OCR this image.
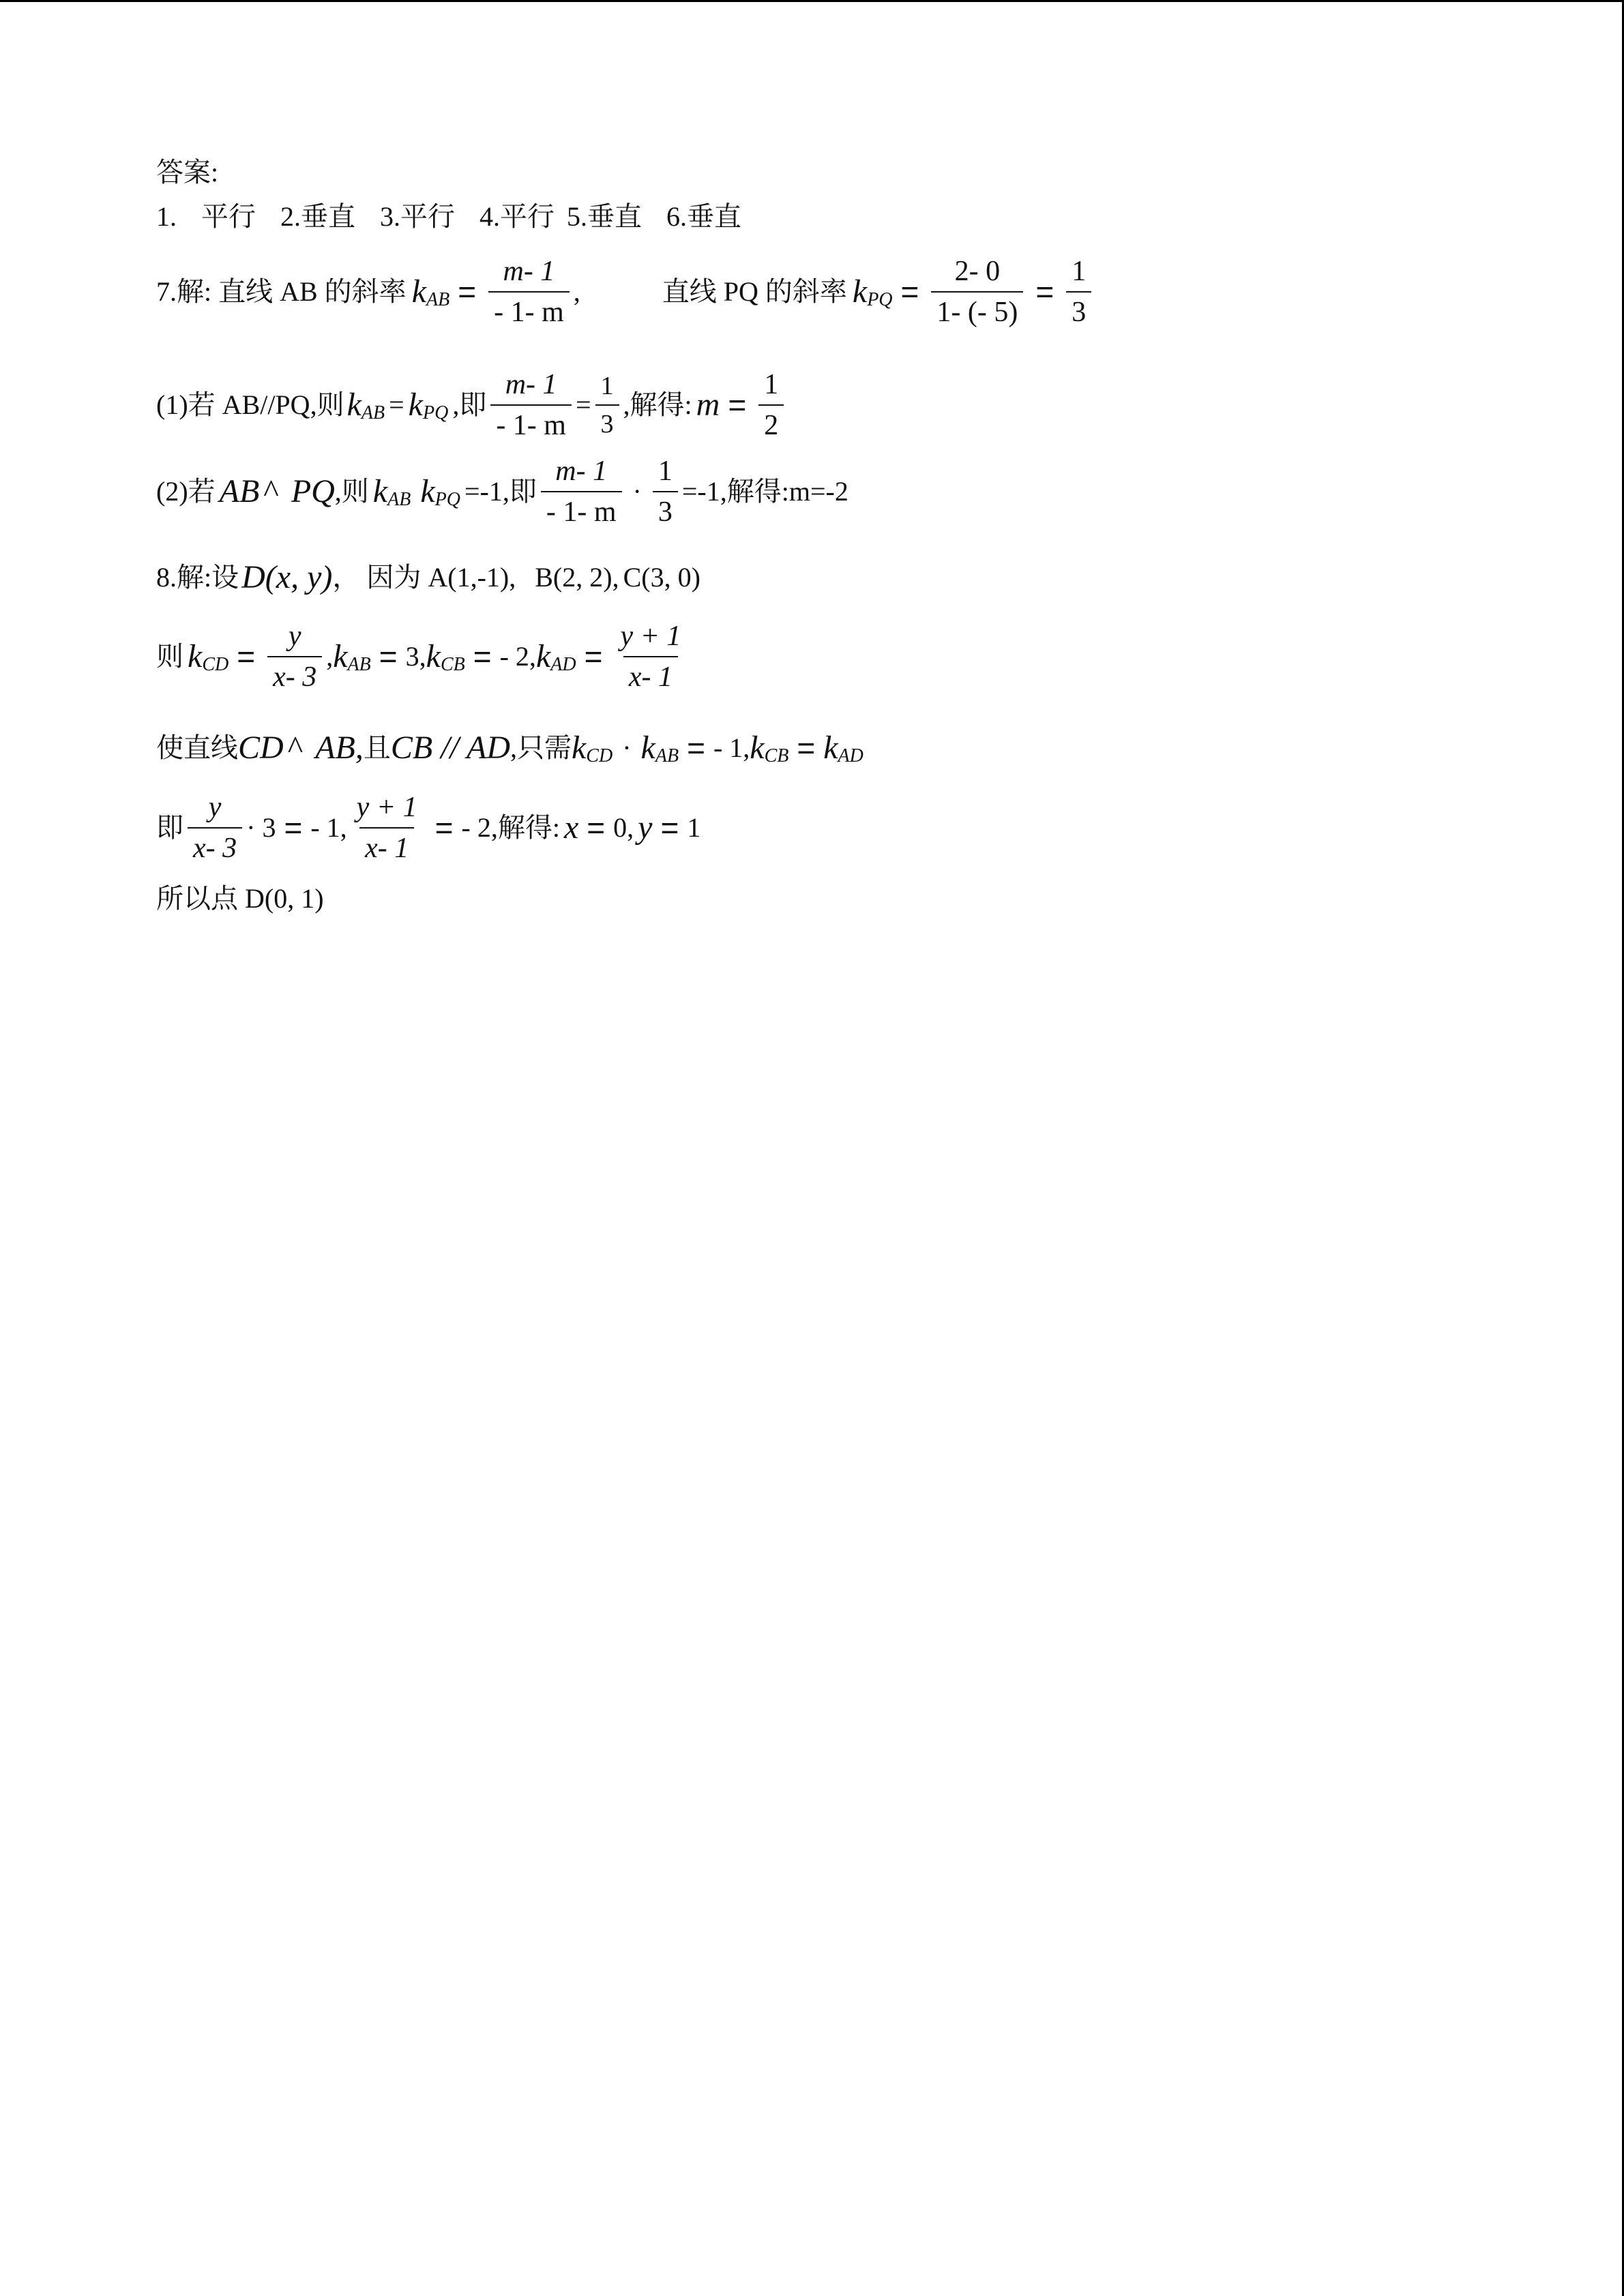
答案:
1. 平行 2.垂直 3.平行 4.平行 5.垂直 6.垂直
7.解: 直线 AB 的斜率 k AB = $\frac{m- 1}{- 1- m}$ ,	直线 PQ 的斜率 k PQ = $\frac{2- 0}{1- (- 5)} = \frac{1}{3}$
(1)若 AB//PQ,则 k AB = k PQ ,即 $\frac{m- 1}{- 1- m} = \frac{1}{3}$ ,解得: $m = \frac{1}{2}$
(2)若 AB ^ PQ ,则 k AB k PQ =-1,即 $\frac{m- 1}{- 1- m} \cdot \frac{1}{3} =-1$,解得:m=-2
8.解:设 D(x, y) ， 因为 A(1,-1), B(2, 2), C(3, 0)
则 k CD = $\frac{y}{x- 3}$ , k AB = 3, k CB = - 2, k AD = $\frac{y + 1}{x- 1}$
使直线 CD ^ AB, 且 CB // AD ,只需 k CD · k AB = - 1, k CB = k AD
即 $\frac{y}{x- 3} \cdot 3$ = - 1, $\frac{y + 1}{x- 1}$ = - 2 ,解得: x = 0, y = 1
所以点 D(0, 1)
